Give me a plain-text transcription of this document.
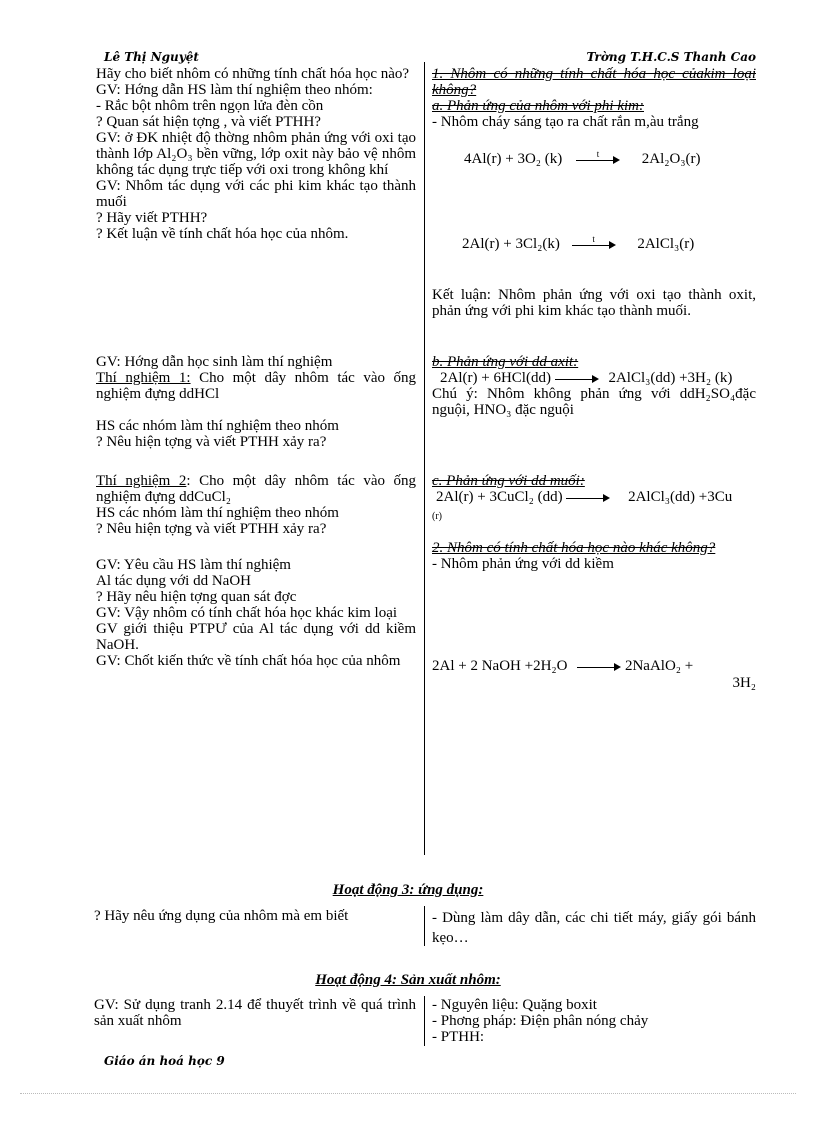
Lê Thị Nguyệt	Trờng T.H.C.S Thanh Cao

Hãy cho biết nhôm có những tính chất hóa học nào?

GV: Hớng dẫn HS làm thí nghiệm theo nhóm:

- Rắc bột nhôm trên ngọn lửa đèn cồn

? Quan sát hiện tợng , và viết PTHH?

GV: ở ĐK nhiệt độ thờng nhôm phản ứng với oxi tạo thành lớp Al₂O₃ bền vững, lớp oxit này bảo vệ nhôm không tác dụng trực tiếp với oxi trong không khí

GV: Nhôm tác dụng với các phi kim khác tạo thành muối

? Hãy viết PTHH?

? Kết luận về tính chất hóa học của nhôm.

GV: Hớng dẫn học sinh làm thí nghiệm

Thí nghiệm 1: Cho một dây nhôm tác vào ống nghiệm đựng ddHCl

HS các nhóm làm thí nghiệm theo nhóm

? Nêu hiện tợng và viết PTHH xảy ra?

Thí nghiệm 2: Cho một dây nhôm tác vào ống nghiệm đựng ddCuCl₂

HS các nhóm làm thí nghiệm theo nhóm

? Nêu hiện tợng và viết PTHH xảy ra?

GV: Yêu cầu HS làm thí nghiệm

Al tác dụng với dd NaOH

? Hãy nêu hiện tợng quan sát đợc

GV: Vậy nhôm có tính chất hóa học khác kim loại

GV giới thiệu PTPƯ của Al tác dụng với dd kiềm NaOH.

GV: Chốt kiến thức về tính chất hóa học của nhôm

1. Nhôm có những tính chất hóa học củakim loại không?

a. Phản ứng của nhôm với phi kim:

- Nhôm cháy sáng tạo ra chất rắn m,àu trắng

4Al(r) + 3O₂ (k)	t	2Al₂O₃(r)
2Al(r) + 3Cl₂(k)	t	2AlCl₃(r)

Kết luận: Nhôm phản ứng với oxi tạo thành oxit, phản ứng với phi kim khác tạo thành muối.

b. Phản ứng với dd axit:

2Al(r) + 6HCl(dd)	2AlCl₃(dd) +3H₂ (k)

Chú ý: Nhôm không phản ứng với ddH₂SO₄đặc nguội, HNO₃ đặc nguội

c. Phản ứng với dd muối:

2Al(r) + 3CuCl₂ (dd)	2AlCl₃(dd) +3Cu
(r)

2. Nhôm có tính chất hóa học nào khác không?

- Nhôm phản ứng với dd kiềm

2Al + 2 NaOH +2H₂O	2NaAlO₂ +
3H₂
Hoạt động 3: ứng dụng:
? Hãy nêu ứng dụng của nhôm mà em biết	- Dùng làm dây dẫn, các chi tiết máy, giấy gói bánh kẹo…
Hoạt động 4: Sản xuất nhôm:
GV: Sử dụng tranh 2.14 để thuyết trình về quá trình sản xuất nhôm

- Nguyên liệu: Quặng boxit

- Phơng pháp: Điện phân nóng chảy

- PTHH:

Giáo án hoá học 9
